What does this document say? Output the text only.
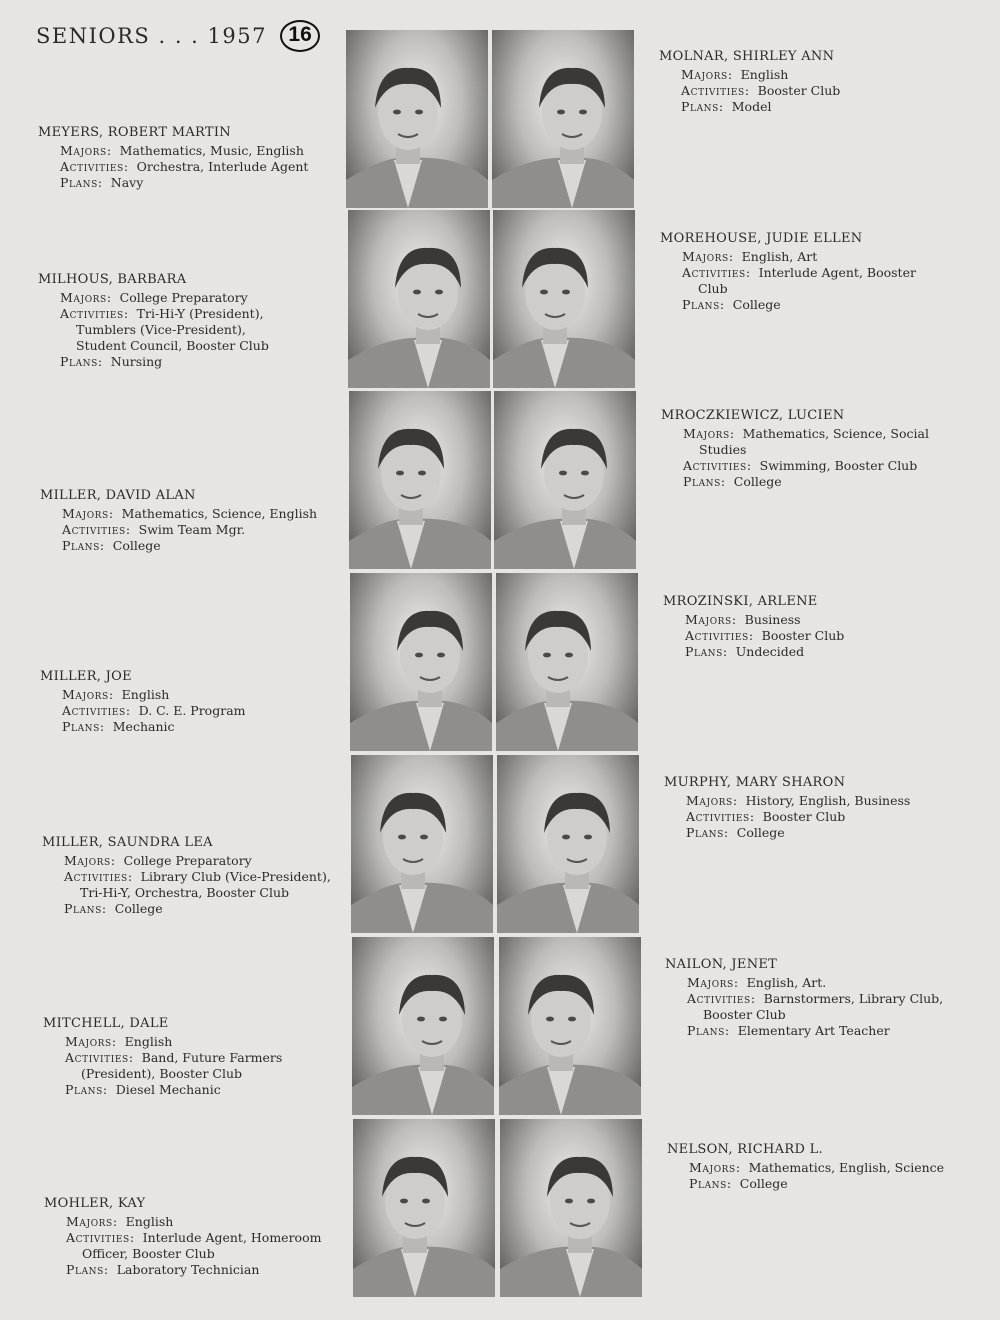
SENIORS . . . 1957 16
MEYERS, ROBERT MARTIN
Majors: Mathematics, Music, English
Activities: Orchestra, Interlude Agent
Plans: Navy
MILHOUS, BARBARA
Majors: College Preparatory
Activities: Tri-Hi-Y (President),
Tumblers (Vice-President),
Student Council, Booster Club
Plans: Nursing
MILLER, DAVID ALAN
Majors: Mathematics, Science, English
Activities: Swim Team Mgr.
Plans: College
MILLER, JOE
Majors: English
Activities: D. C. E. Program
Plans: Mechanic
MILLER, SAUNDRA LEA
Majors: College Preparatory
Activities: Library Club (Vice-President),
Tri-Hi-Y, Orchestra, Booster Club
Plans: College
MITCHELL, DALE
Majors: English
Activities: Band, Future Farmers
(President), Booster Club
Plans: Diesel Mechanic
MOHLER, KAY
Majors: English
Activities: Interlude Agent, Homeroom
Officer, Booster Club
Plans: Laboratory Technician
MOLNAR, SHIRLEY ANN
Majors: English
Activities: Booster Club
Plans: Model
MOREHOUSE, JUDIE ELLEN
Majors: English, Art
Activities: Interlude Agent, Booster
Club
Plans: College
MROCZKIEWICZ, LUCIEN
Majors: Mathematics, Science, Social
Studies
Activities: Swimming, Booster Club
Plans: College
MROZINSKI, ARLENE
Majors: Business
Activities: Booster Club
Plans: Undecided
MURPHY, MARY SHARON
Majors: History, English, Business
Activities: Booster Club
Plans: College
NAILON, JENET
Majors: English, Art.
Activities: Barnstormers, Library Club,
Booster Club
Plans: Elementary Art Teacher
NELSON, RICHARD L.
Majors: Mathematics, English, Science
Plans: College
